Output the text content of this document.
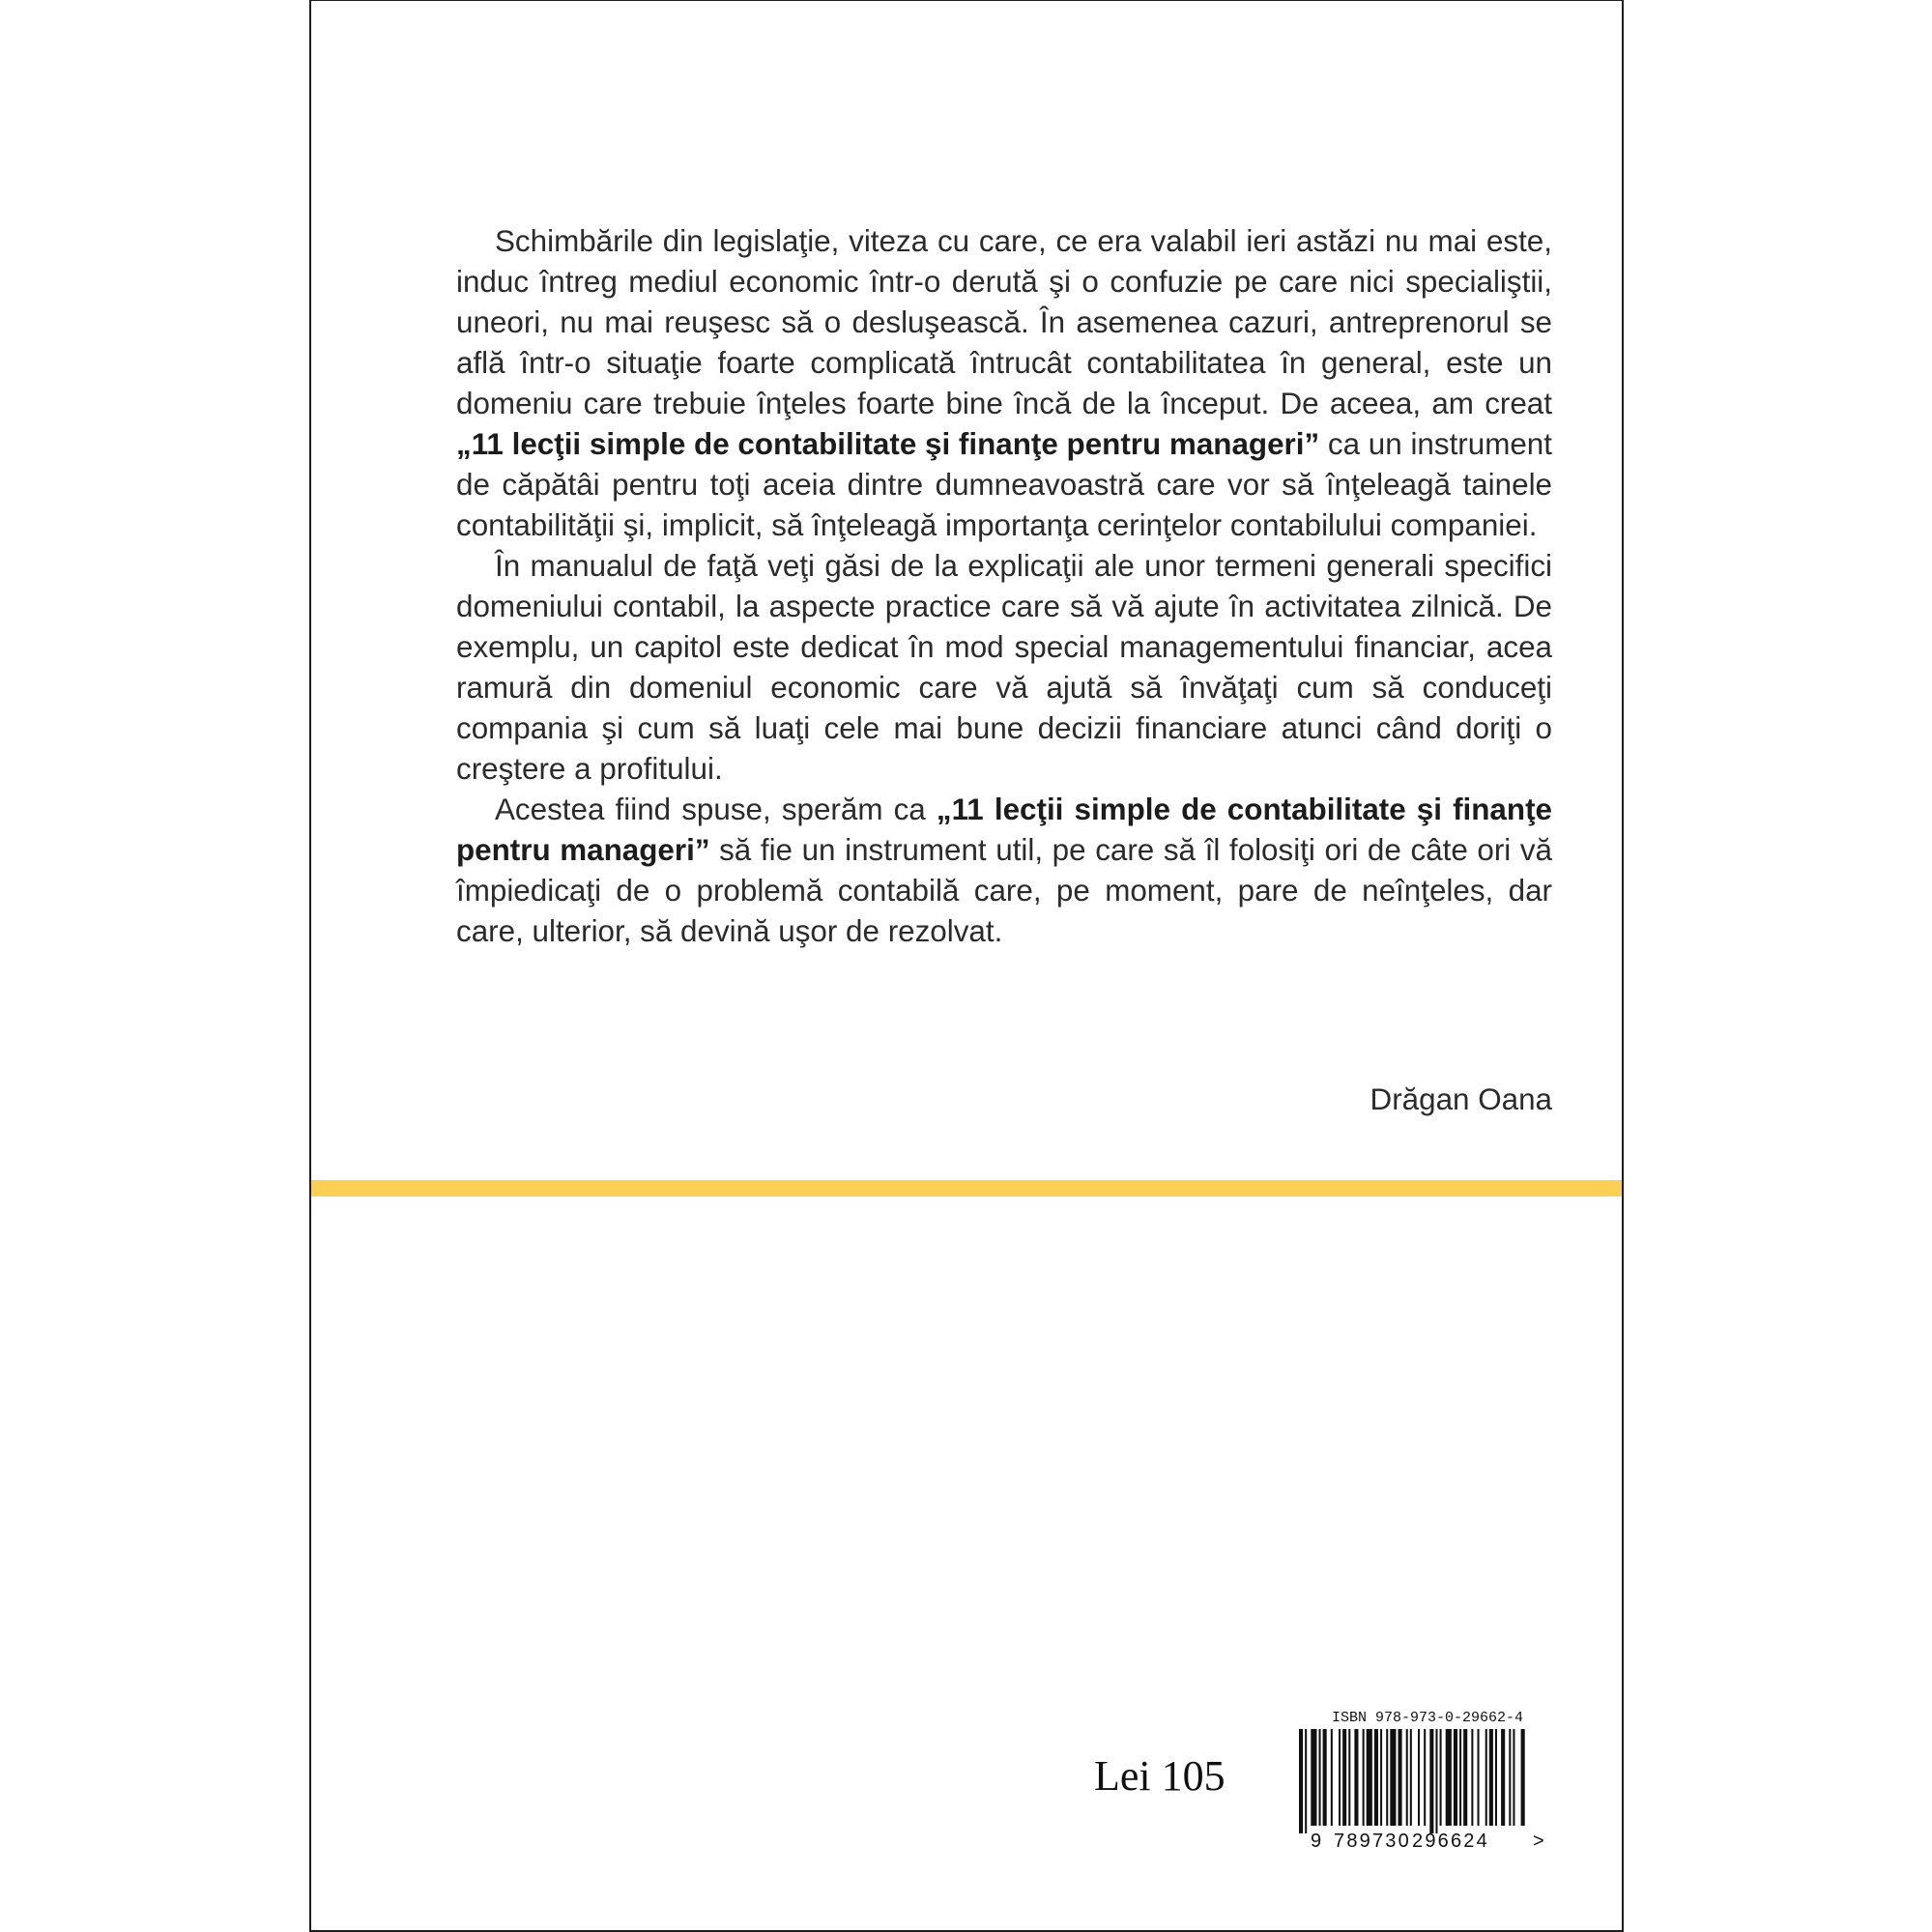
Schimbările din legislaţie, viteza cu care, ce era valabil ieri astăzi nu mai este, induc întreg mediul economic într-o derută şi o confuzie pe care nici specialiştii, uneori, nu mai reuşesc să o desluşească. În asemenea cazuri, antreprenorul se află într-o situaţie foarte complicată întrucât contabilitatea în general, este un domeniu care trebuie înţeles foarte bine încă de la început. De aceea, am creat „11 lecţii simple de contabilitate şi finanţe pentru manageri” ca un instrument de căpătâi pentru toţi aceia dintre dumneavoastră care vor să înţeleagă tainele contabilităţii şi, implicit, să înţeleagă importanţa cerinţelor contabilului companiei.

În manualul de faţă veţi găsi de la explicaţii ale unor termeni generali specifici domeniului contabil, la aspecte practice care să vă ajute în activitatea zilnică. De exemplu, un capitol este dedicat în mod special managementului financiar, acea ramură din domeniul economic care vă ajută să învăţaţi cum să conduceţi compania şi cum să luaţi cele mai bune decizii financiare atunci când doriţi o creştere a profitului.

Acestea fiind spuse, sperăm ca „11 lecţii simple de contabilitate şi finanţe pentru manageri” să fie un instrument util, pe care să îl folosiţi ori de câte ori vă împiedicaţi de o problemă contabilă care, pe moment, pare de neînţeles, dar care, ulterior, să devină uşor de rezolvat.

Drăgan Oana
Lei 105
ISBN 978-973-0-29662-4
9 789730 296624 >
